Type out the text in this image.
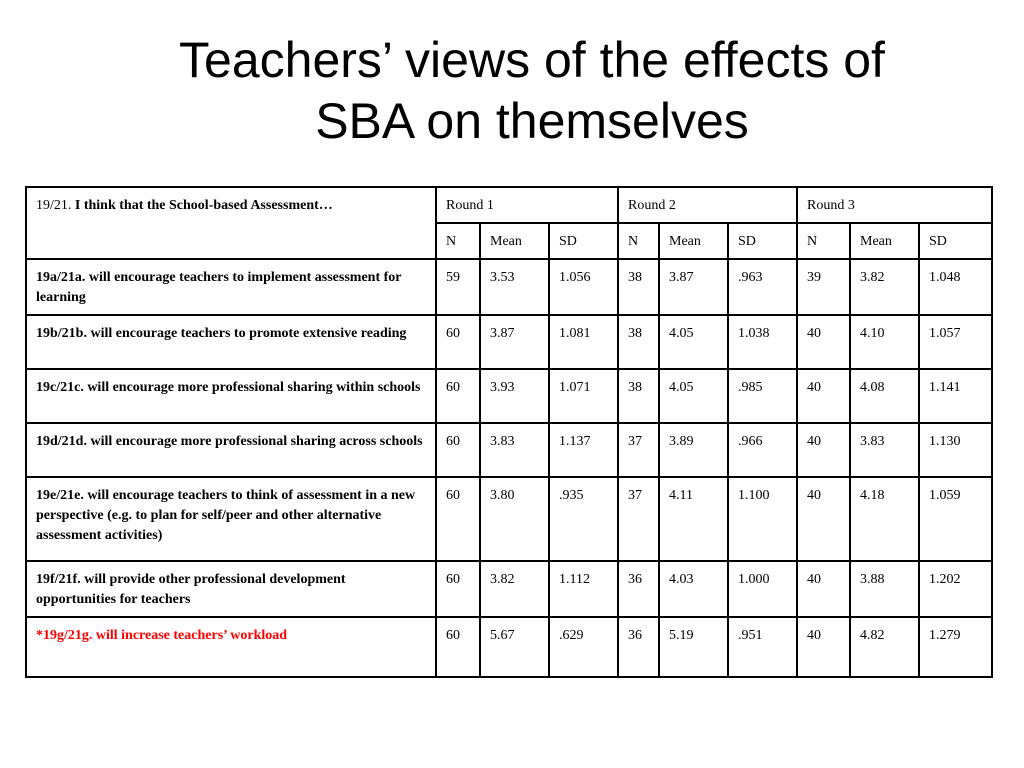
Teachers’ views of the effects of
SBA on themselves
19/21. I think that the School-based Assessment…	Round 1			Round 2			Round 3		
	N	Mean	SD	N	Mean	SD	N	Mean	SD
19a/21a. will encourage teachers to implement assessment for learning	59	3.53	1.056	38	3.87	.963	39	3.82	1.048
19b/21b. will encourage teachers to promote extensive reading	60	3.87	1.081	38	4.05	1.038	40	4.10	1.057
19c/21c. will encourage more professional sharing within schools	60	3.93	1.071	38	4.05	.985	40	4.08	1.141
19d/21d. will encourage more professional sharing across schools	60	3.83	1.137	37	3.89	.966	40	3.83	1.130
19e/21e. will encourage teachers to think of assessment in a new perspective (e.g. to plan for self/peer and other alternative assessment activities)	60	3.80	.935	37	4.11	1.100	40	4.18	1.059
19f/21f. will provide other professional development opportunities for teachers	60	3.82	1.112	36	4.03	1.000	40	3.88	1.202
*19g/21g. will increase teachers’ workload	60	5.67	.629	36	5.19	.951	40	4.82	1.279
